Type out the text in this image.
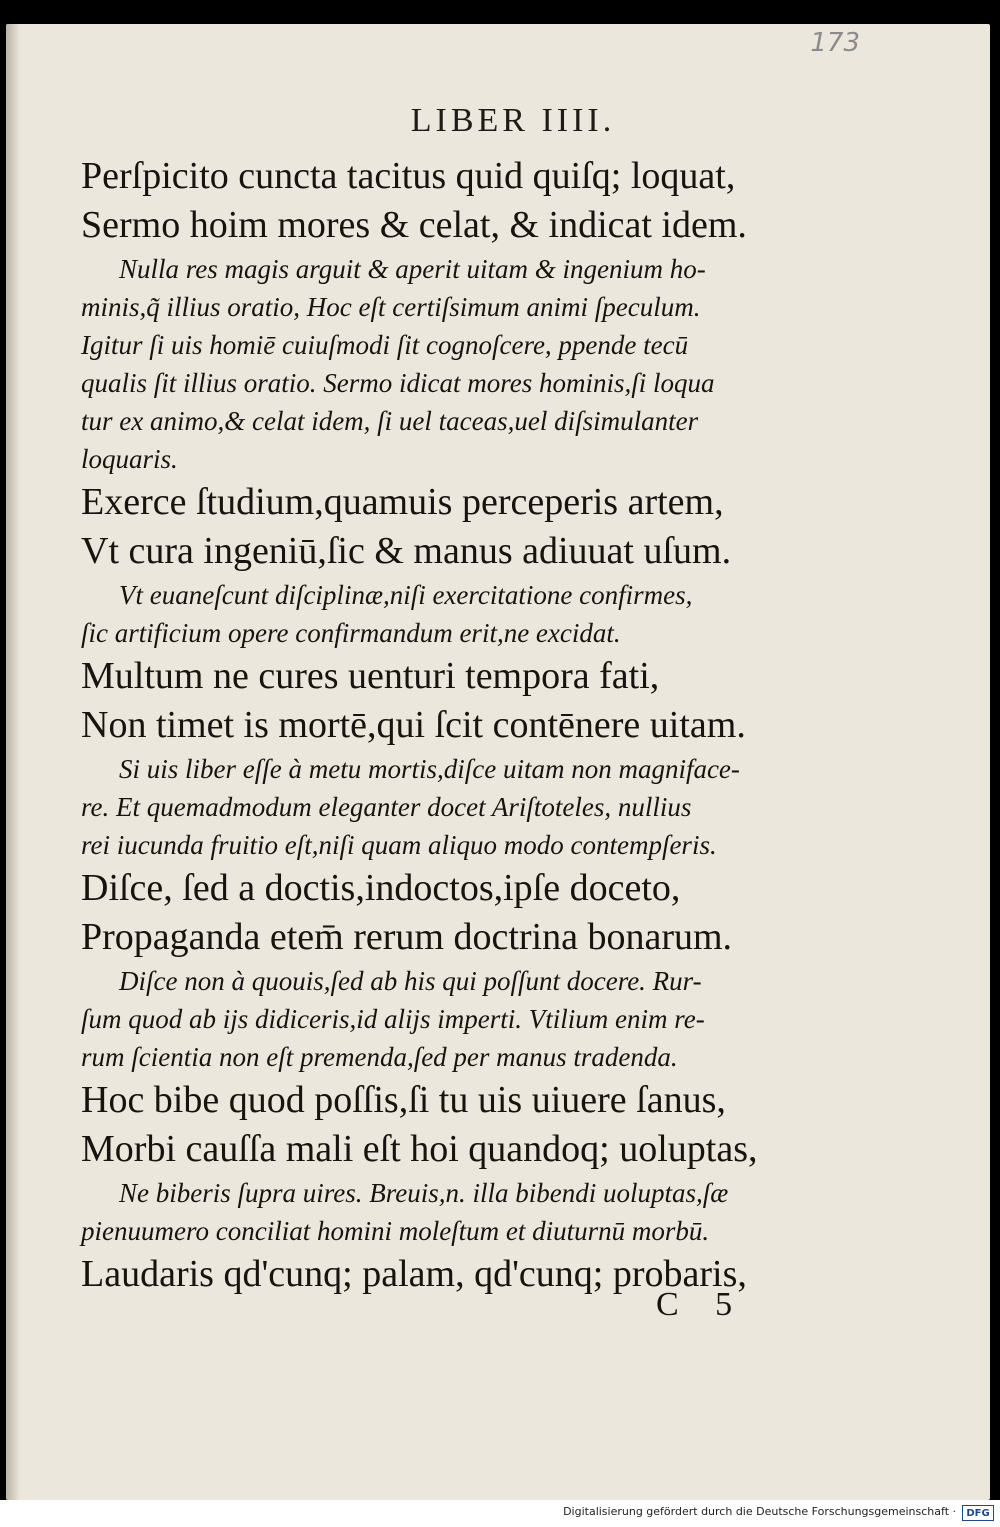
173
LIBER IIII.
Perſpicito cuncta tacitus quid quiſq; loquat,
Sermo hoim mores & celat, & indicat idem.
Nulla res magis arguit & aperit uitam & ingenium ho-
minis,q̃ illius oratio, Hoc eſt certiſsimum animi ſpeculum.
Igitur ſi uis homiē cuiuſmodi ſit cognoſcere, ppende tecū
qualis ſit illius oratio. Sermo idicat mores hominis,ſi loqua
tur ex animo,& celat idem, ſi uel taceas,uel diſsimulanter
loquaris.
Exerce ſtudium,quamuis perceperis artem,
Vt cura ingeniū,ſic & manus adiuuat uſum.
Vt euaneſcunt diſciplinæ,niſi exercitatione confirmes,
ſic artificium opere confirmandum erit,ne excidat.
Multum ne cures uenturi tempora fati,
Non timet is mortē,qui ſcit contēnere uitam.
Si uis liber eſſe à metu mortis,diſce uitam non magniface-
re. Et quemadmodum eleganter docet Ariſtoteles, nullius
rei iucunda fruitio eſt,niſi quam aliquo modo contempſeris.
Diſce, ſed a doctis,indoctos,ipſe doceto,
Propaganda etem̄ rerum doctrina bonarum.
Diſce non à quouis,ſed ab his qui poſſunt docere. Rur-
ſum quod ab ijs didiceris,id alijs imperti. Vtilium enim re-
rum ſcientia non eſt premenda,ſed per manus tradenda.
Hoc bibe quod poſſis,ſi tu uis uiuere ſanus,
Morbi cauſſa mali eſt hoi quandoq; uoluptas,
Ne biberis ſupra uires. Breuis,n. illa bibendi uoluptas,ſæ
pienuumero conciliat homini moleſtum et diuturnū morbū.
Laudaris qd'cunq; palam, qd'cunq; probaris,
C 5
Digitalisierung gefördert durch die Deutsche Forschungsgemeinschaft ·	DFG
